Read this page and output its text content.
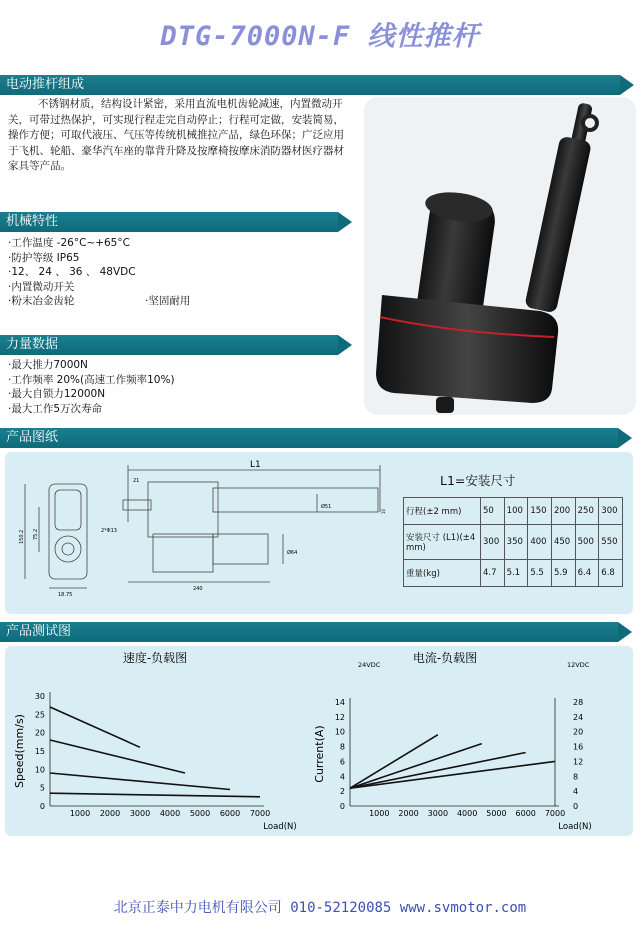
DTG-7000N-F 线性推杆
电动推杆组成
不锈钢材质，结构设计紧密，采用直流电机齿轮减速，内置微动开关，可带过热保护，可实现行程走完自动停止；行程可定做，安装简易，操作方便；可取代液压、气压等传统机械推拉产品，绿色环保；广泛应用于飞机、轮船、豪华汽车座的靠背升降及按摩椅按摩床消防器材医疗器材家具等产品。
机械特性
·工作温度 -26°C~+65°C
·防护等级 IP65
·12、 24 、 36 、 48VDC
·内置微动开关
·粉末冶金齿轮	·坚固耐用
力量数据
·最大推力7000N
·工作频率 20%(高速工作频率10%)
·最大自锁力12000N
·最大工作5万次寿命
产品图纸
L1
21
Ø51
Ø64
2*Φ13
150.2 75.2
18.75
240
10
L1=安装尺寸
行程(±2 mm)	50	100	150	200	250	300
安装尺寸 (L1)(±4 mm)	300	350	400	450	500	550
重量(kg)	4.7	5.1	5.5	5.9	6.4	6.8
产品测试图
速度-负载图
0
5
10
15
20
25
30
1000 2000 3000 4000 5000 6000 7000
Load(N)
Speed(mm/s)
电流-负载图
0
2
4
6
8
10
12
14
0
4
8
12
16
20
24
28
1000 2000 3000 4000 5000 6000 7000
Load(N)
Current(A)
24VDC	12VDC
北京正泰中力电机有限公司 010-52120085 www.svmotor.com
